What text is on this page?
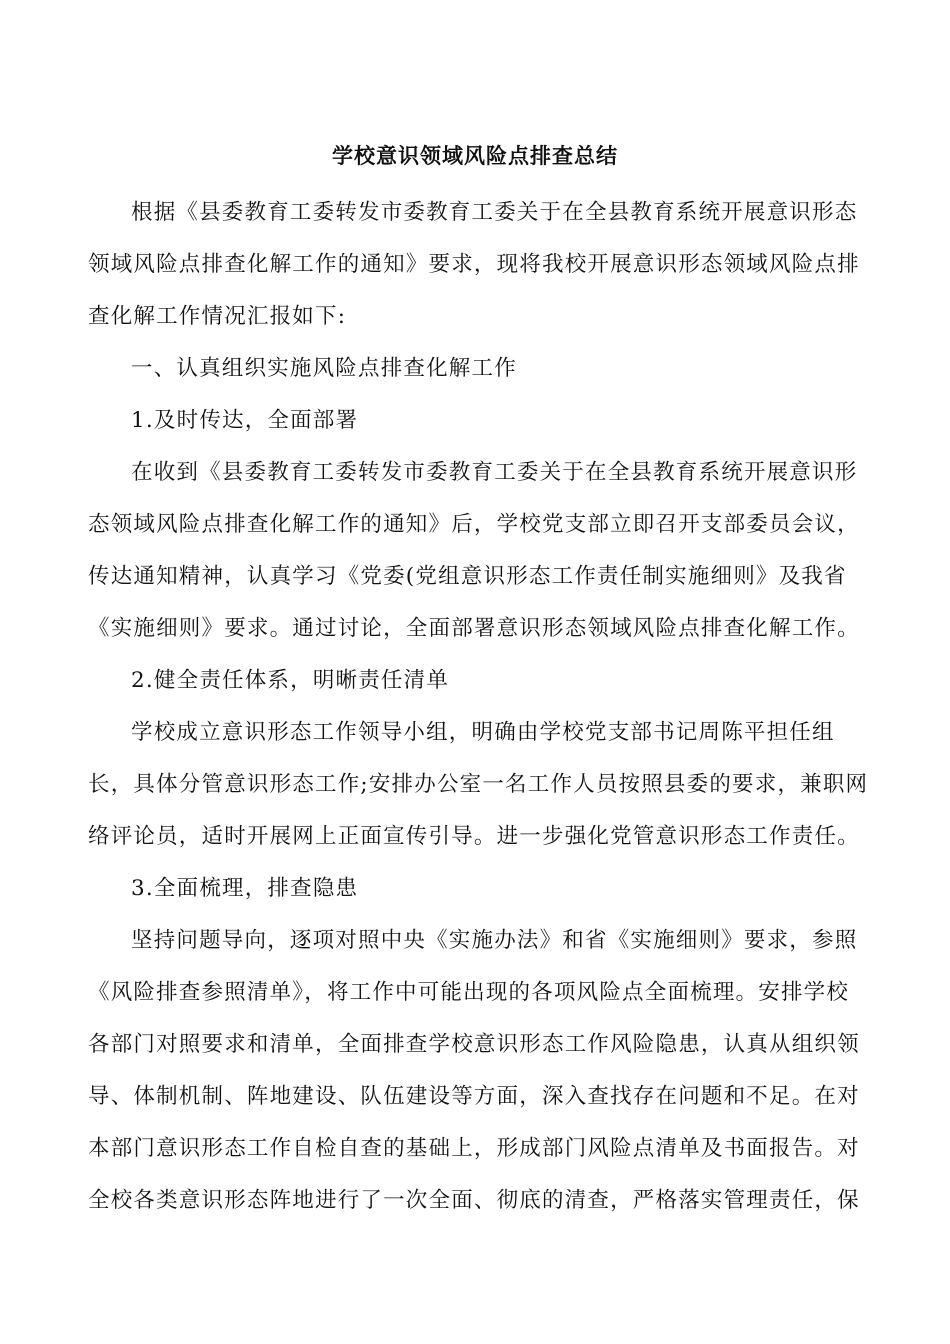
学校意识领域风险点排查总结
根据《县委教育工委转发市委教育工委关于在全县教育系统开展意识形态
领域风险点排查化解工作的通知》要求，现将我校开展意识形态领域风险点排
查化解工作情况汇报如下:
一、认真组织实施风险点排查化解工作
1.及时传达，全面部署
在收到《县委教育工委转发市委教育工委关于在全县教育系统开展意识形
态领域风险点排查化解工作的通知》后，学校党支部立即召开支部委员会议，
传达通知精神，认真学习《党委(党组意识形态工作责任制实施细则》及我省
《实施细则》要求。通过讨论，全面部署意识形态领域风险点排查化解工作。
2.健全责任体系，明晰责任清单
学校成立意识形态工作领导小组，明确由学校党支部书记周陈平担任组
长，具体分管意识形态工作;安排办公室一名工作人员按照县委的要求，兼职网
络评论员，适时开展网上正面宣传引导。进一步强化党管意识形态工作责任。
3.全面梳理，排查隐患
坚持问题导向，逐项对照中央《实施办法》和省《实施细则》要求，参照
《风险排查参照清单》，将工作中可能出现的各项风险点全面梳理。安排学校
各部门对照要求和清单，全面排查学校意识形态工作风险隐患，认真从组织领
导、体制机制、阵地建设、队伍建设等方面，深入查找存在问题和不足。在对
本部门意识形态工作自检自查的基础上，形成部门风险点清单及书面报告。对
全校各类意识形态阵地进行了一次全面、彻底的清查，严格落实管理责任，保
